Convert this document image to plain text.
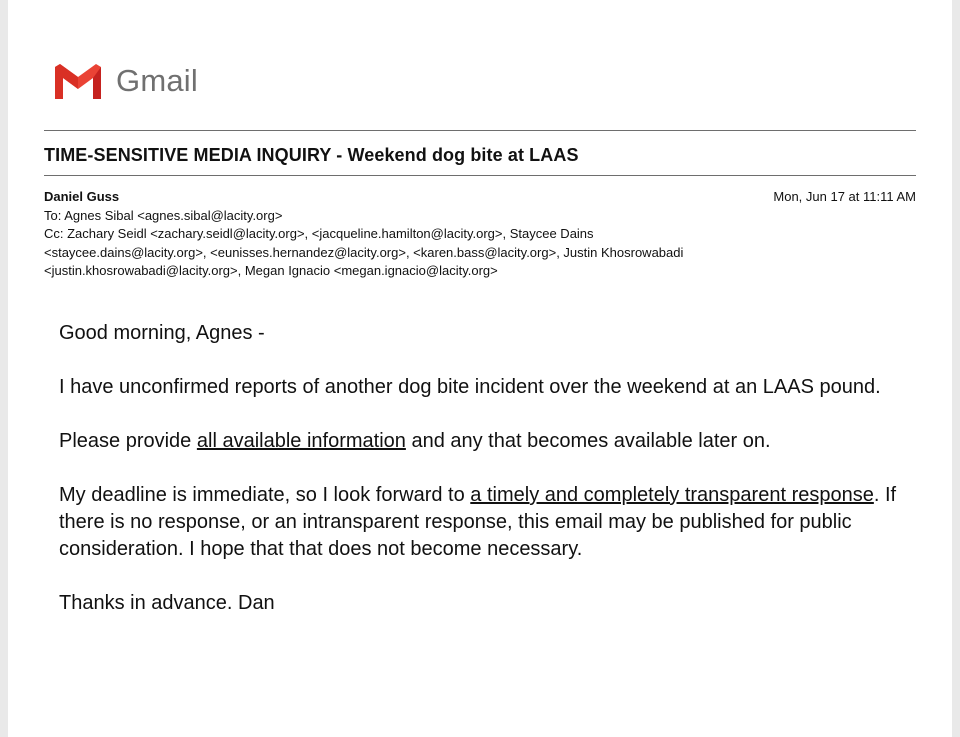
Gmail
TIME-SENSITIVE MEDIA INQUIRY - Weekend dog bite at LAAS
Daniel Guss	Mon, Jun 17 at 11:11 AM
To: Agnes Sibal <agnes.sibal@lacity.org>
Cc: Zachary Seidl <zachary.seidl@lacity.org>, <jacqueline.hamilton@lacity.org>, Staycee Dains
<staycee.dains@lacity.org>, <eunisses.hernandez@lacity.org>, <karen.bass@lacity.org>, Justin Khosrowabadi
<justin.khosrowabadi@lacity.org>, Megan Ignacio <megan.ignacio@lacity.org>

Good morning, Agnes -

I have unconfirmed reports of another dog bite incident over the weekend at an LAAS pound.

Please provide all available information and any that becomes available later on.

My deadline is immediate, so I look forward to a timely and completely transparent response. If there is no response, or an intransparent response, this email may be published for public consideration. I hope that that does not become necessary.

Thanks in advance. Dan
